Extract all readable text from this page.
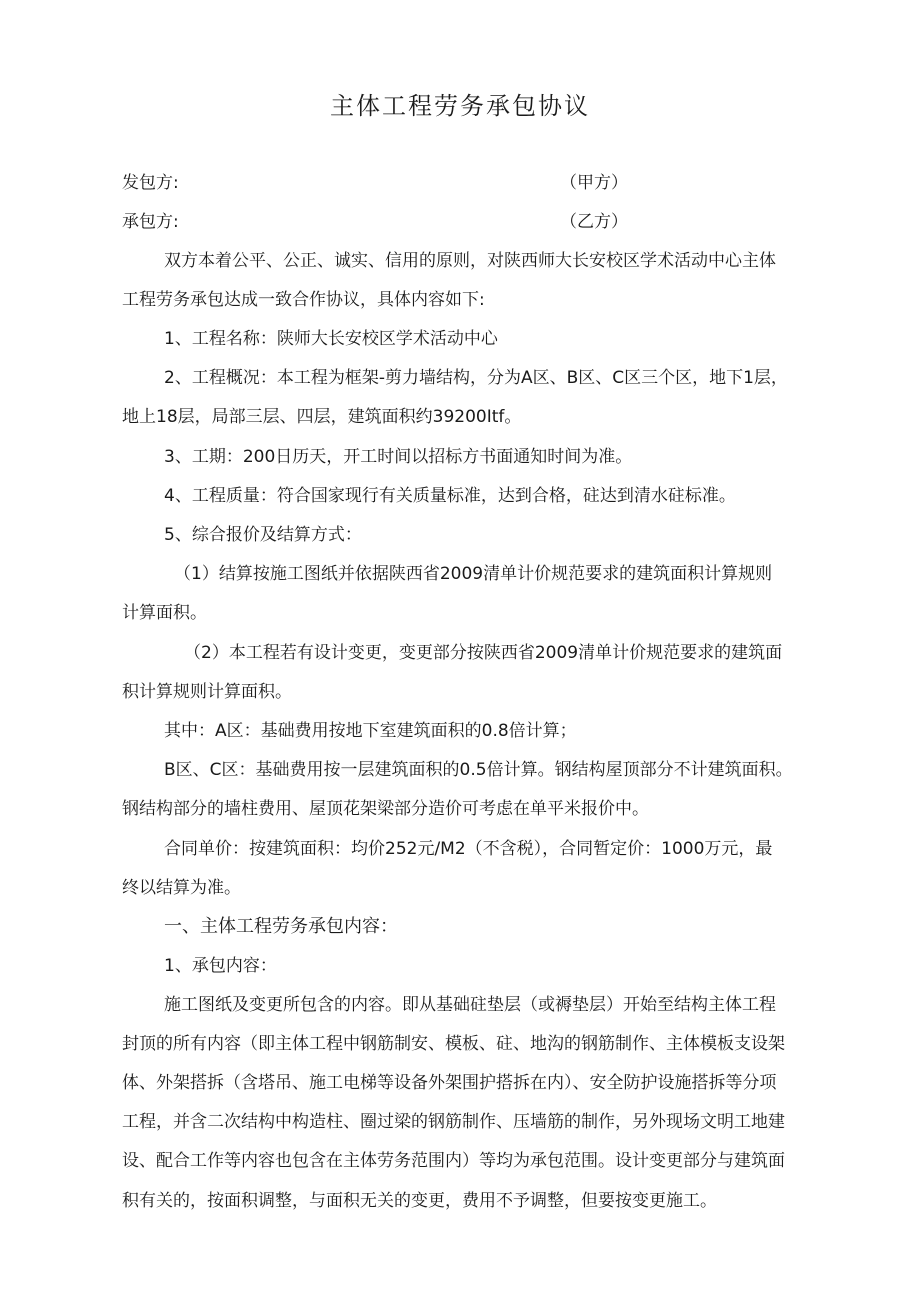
主体工程劳务承包协议
发包方:	（甲方）
承包方:	（乙方）
双方本着公平、公正、诚实、信用的原则，对陕西师大长安校区学术活动中心主体
工程劳务承包达成一致合作协议，具体内容如下:
1、工程名称：陕师大长安校区学术活动中心
2、工程概况：本工程为框架-剪力墙结构，分为A区、B区、C区三个区，地下1层，
地上18层，局部三层、四层，建筑面积约39200Itf。
3、工期：200日历天，开工时间以招标方书面通知时间为准。
4、工程质量：符合国家现行有关质量标准，达到合格，砫达到清水砫标准。
5、综合报价及结算方式：
（1）结算按施工图纸并依据陕西省2009清单计价规范要求的建筑面积计算规则
计算面积。
（2）本工程若有设计变更，变更部分按陕西省2009清单计价规范要求的建筑面
积计算规则计算面积。
其中：A区：基础费用按地下室建筑面积的0.8倍计算；
B区、C区：基础费用按一层建筑面积的0.5倍计算。钢结构屋顶部分不计建筑面积。
钢结构部分的墙柱费用、屋顶花架梁部分造价可考虑在单平米报价中。
合同单价：按建筑面积：均价252元/M2（不含税），合同暂定价：1000万元，最
终以结算为准。
一、主体工程劳务承包内容：
1、承包内容：
施工图纸及变更所包含的内容。即从基础砫垫层（或褥垫层）开始至结构主体工程
封顶的所有内容（即主体工程中钢筋制安、模板、砫、地沟的钢筋制作、主体模板支设架
体、外架搭拆（含塔吊、施工电梯等设备外架围护搭拆在内）、安全防护设施搭拆等分项
工程，并含二次结构中构造柱、圈过梁的钢筋制作、压墙筋的制作，另外现场文明工地建
设、配合工作等内容也包含在主体劳务范围内）等均为承包范围。设计变更部分与建筑面
积有关的，按面积调整，与面积无关的变更，费用不予调整，但要按变更施工。
